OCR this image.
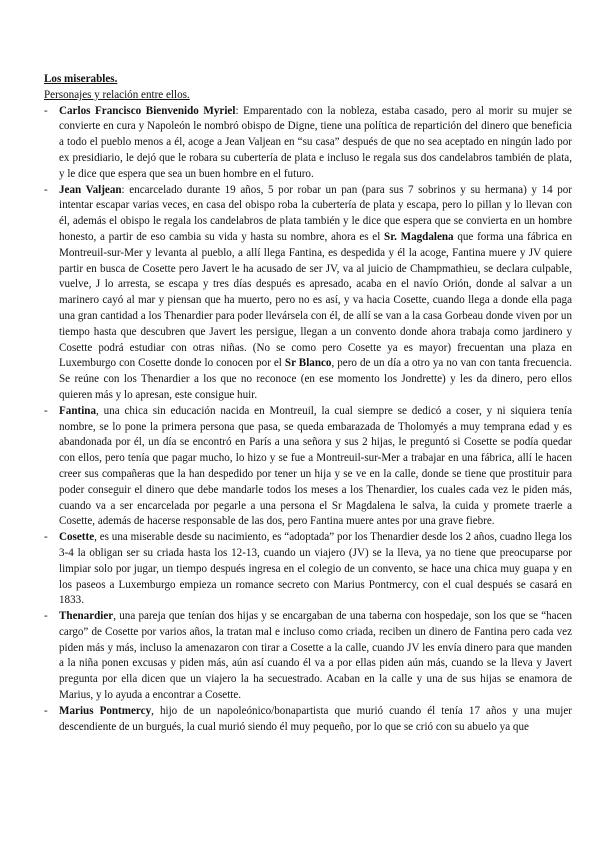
Los miserables.

Personajes y relación entre ellos.

- Carlos Francisco Bienvenido Myriel: Emparentado con la nobleza, estaba casado, pero al morir su mujer se convierte en cura y Napoleón le nombró obispo de Digne, tiene una política de repartición del dinero que beneficia a todo el pueblo menos a él, acoge a Jean Valjean en “su casa” después de que no sea aceptado en ningún lado por ex presidiario, le dejó que le robara su cubertería de plata e incluso le regala sus dos candelabros también de plata, y le dice que espera que sea un buen hombre en el futuro.
- Jean Valjean: encarcelado durante 19 años, 5 por robar un pan (para sus 7 sobrinos y su hermana) y 14 por intentar escapar varias veces, en casa del obispo roba la cubertería de plata y escapa, pero lo pillan y lo llevan con él, además el obispo le regala los candelabros de plata también y le dice que espera que se convierta en un hombre honesto, a partir de eso cambia su vida y hasta su nombre, ahora es el Sr. Magdalena que forma una fábrica en Montreuil-sur-Mer y levanta al pueblo, a allí llega Fantina, es despedida y él la acoge, Fantina muere y JV quiere partir en busca de Cosette pero Javert le ha acusado de ser JV, va al juicio de Champmathieu, se declara culpable, vuelve, J lo arresta, se escapa y tres días después es apresado, acaba en el navío Orión, donde al salvar a un marinero cayó al mar y piensan que ha muerto, pero no es así, y va hacia Cosette, cuando llega a donde ella paga una gran cantidad a los Thenardier para poder llevársela con él, de allí se van a la casa Gorbeau donde viven por un tiempo hasta que descubren que Javert les persigue, llegan a un convento donde ahora trabaja como jardinero y Cosette podrá estudiar con otras niñas. (No se como pero Cosette ya es mayor) frecuentan una plaza en Luxemburgo con Cosette donde lo conocen por el Sr Blanco, pero de un día a otro ya no van con tanta frecuencia. Se reúne con los Thenardier a los que no reconoce (en ese momento los Jondrette) y les da dinero, pero ellos quieren más y lo apresan, este consigue huir.
- Fantina, una chica sin educación nacida en Montreuil, la cual siempre se dedicó a coser, y ni siquiera tenía nombre, se lo pone la primera persona que pasa, se queda embarazada de Tholomyés a muy temprana edad y es abandonada por él, un día se encontró en París a una señora y sus 2 hijas, le preguntó si Cosette se podía quedar con ellos, pero tenía que pagar mucho, lo hizo y se fue a Montreuil-sur-Mer a trabajar en una fábrica, allí le hacen creer sus compañeras que la han despedido por tener un hija y se ve en la calle, donde se tiene que prostituir para poder conseguir el dinero que debe mandarle todos los meses a los Thenardier, los cuales cada vez le piden más, cuando va a ser encarcelada por pegarle a una persona el Sr Magdalena le salva, la cuida y promete traerle a Cosette, además de hacerse responsable de las dos, pero Fantina muere antes por una grave fiebre.
- Cosette, es una miserable desde su nacimiento, es “adoptada” por los Thenardier desde los 2 años, cuadno llega los 3-4 la obligan ser su criada hasta los 12-13, cuando un viajero (JV) se la lleva, ya no tiene que preocuparse por limpiar solo por jugar, un tiempo después ingresa en el colegio de un convento, se hace una chica muy guapa y en los paseos a Luxemburgo empieza un romance secreto con Marius Pontmercy, con el cual después se casará en 1833.
- Thenardier, una pareja que tenían dos hijas y se encargaban de una taberna con hospedaje, son los que se “hacen cargo” de Cosette por varios años, la tratan mal e incluso como criada, reciben un dinero de Fantina pero cada vez piden más y más, incluso la amenazaron con tirar a Cosette a la calle, cuando JV les envía dinero para que manden a la niña ponen excusas y piden más, aún así cuando él va a por ellas piden aún más, cuando se la lleva y Javert pregunta por ella dicen que un viajero la ha secuestrado. Acaban en la calle y una de sus hijas se enamora de Marius, y lo ayuda a encontrar a Cosette.
- Marius Pontmercy, hijo de un napoleónico/bonapartista que murió cuando él tenía 17 años y una mujer descendiente de un burgués, la cual murió siendo él muy pequeño, por lo que se crió con su abuelo ya que
